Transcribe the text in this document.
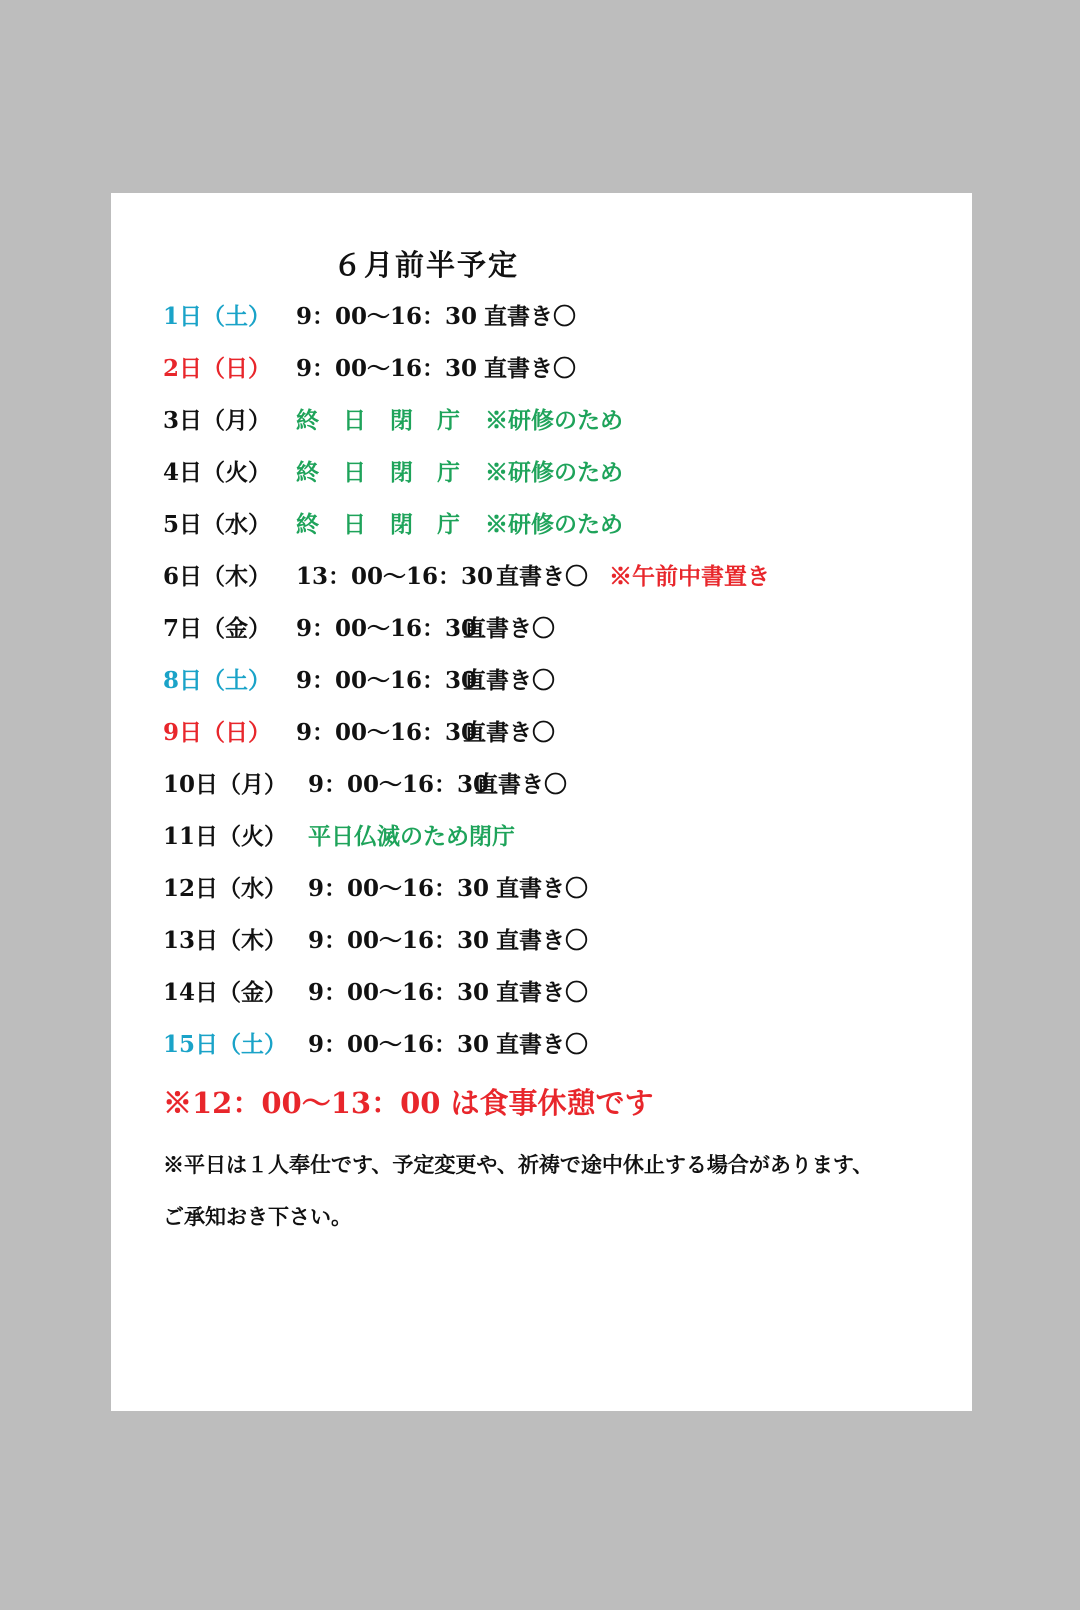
６月前半予定
1日（土） 9：00〜16：30 直書き〇
2日（日） 9：00〜16：30 直書き〇
3日（月） 終日閉庁 ※研修のため
4日（火） 終日閉庁 ※研修のため
5日（水） 終日閉庁 ※研修のため
6日（木） 13：00〜16：30 直書き〇 ※午前中書置き
7日（金） 9：00〜16：30
直書き〇
8日（土） 9：00〜16：30
直書き〇
9日（日） 9：00〜16：30
直書き〇
10日（月） 9：00〜16：30
直書き〇
11日（火） 平日仏滅のため閉庁
12日（水） 9：00〜16：30 直書き〇
13日（木） 9：00〜16：30 直書き〇
14日（金） 9：00〜16：30 直書き〇
15日（土） 9：00〜16：30 直書き〇

※12：00〜13：00 は食事休憩です

※平日は１人奉仕です、予定変更や、祈祷で途中休止する場合があります、
ご承知おき下さい。
